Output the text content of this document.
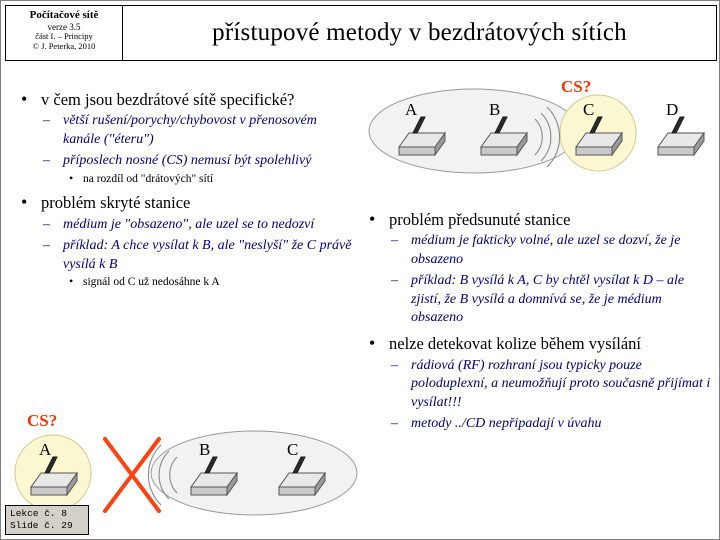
Počítačové sítě
verze 3.5
část I. – Principy
© J. Peterka, 2010	přístupové metody v bezdrátových sítích
CS?
A	B	C	D
• v čem jsou bezdrátové sítě specifické?
– větší rušení/porychy/chybovost v přenosovém kanále ("éteru")
– příposlech nosné (CS) nemusí být spolehlivý
• na rozdíl od "drátových" sítí
• problém skryté stanice
– médium je "obsazeno", ale uzel se to nedozví
– příklad: A chce vysílat k B, ale "neslyší" že C právě vysílá k B
• signál od C už nedosáhne k A
• problém předsunuté stanice
– médium je fakticky volné, ale uzel se dozví, že je obsazeno
– příklad: B vysílá k A, C by chtěl vysílat k D – ale zjistí, že B vysílá a domnívá se, že je médium obsazeno
• nelze detekovat kolize během vysílání
– rádiová (RF) rozhraní jsou typicky pouze poloduplexní, a neumožňují proto současně přijímat i vysílat!!!
– metody ../CD nepřipadají v úvahu
CS?
A	B	C
Lekce č. 8
Slide č. 29
